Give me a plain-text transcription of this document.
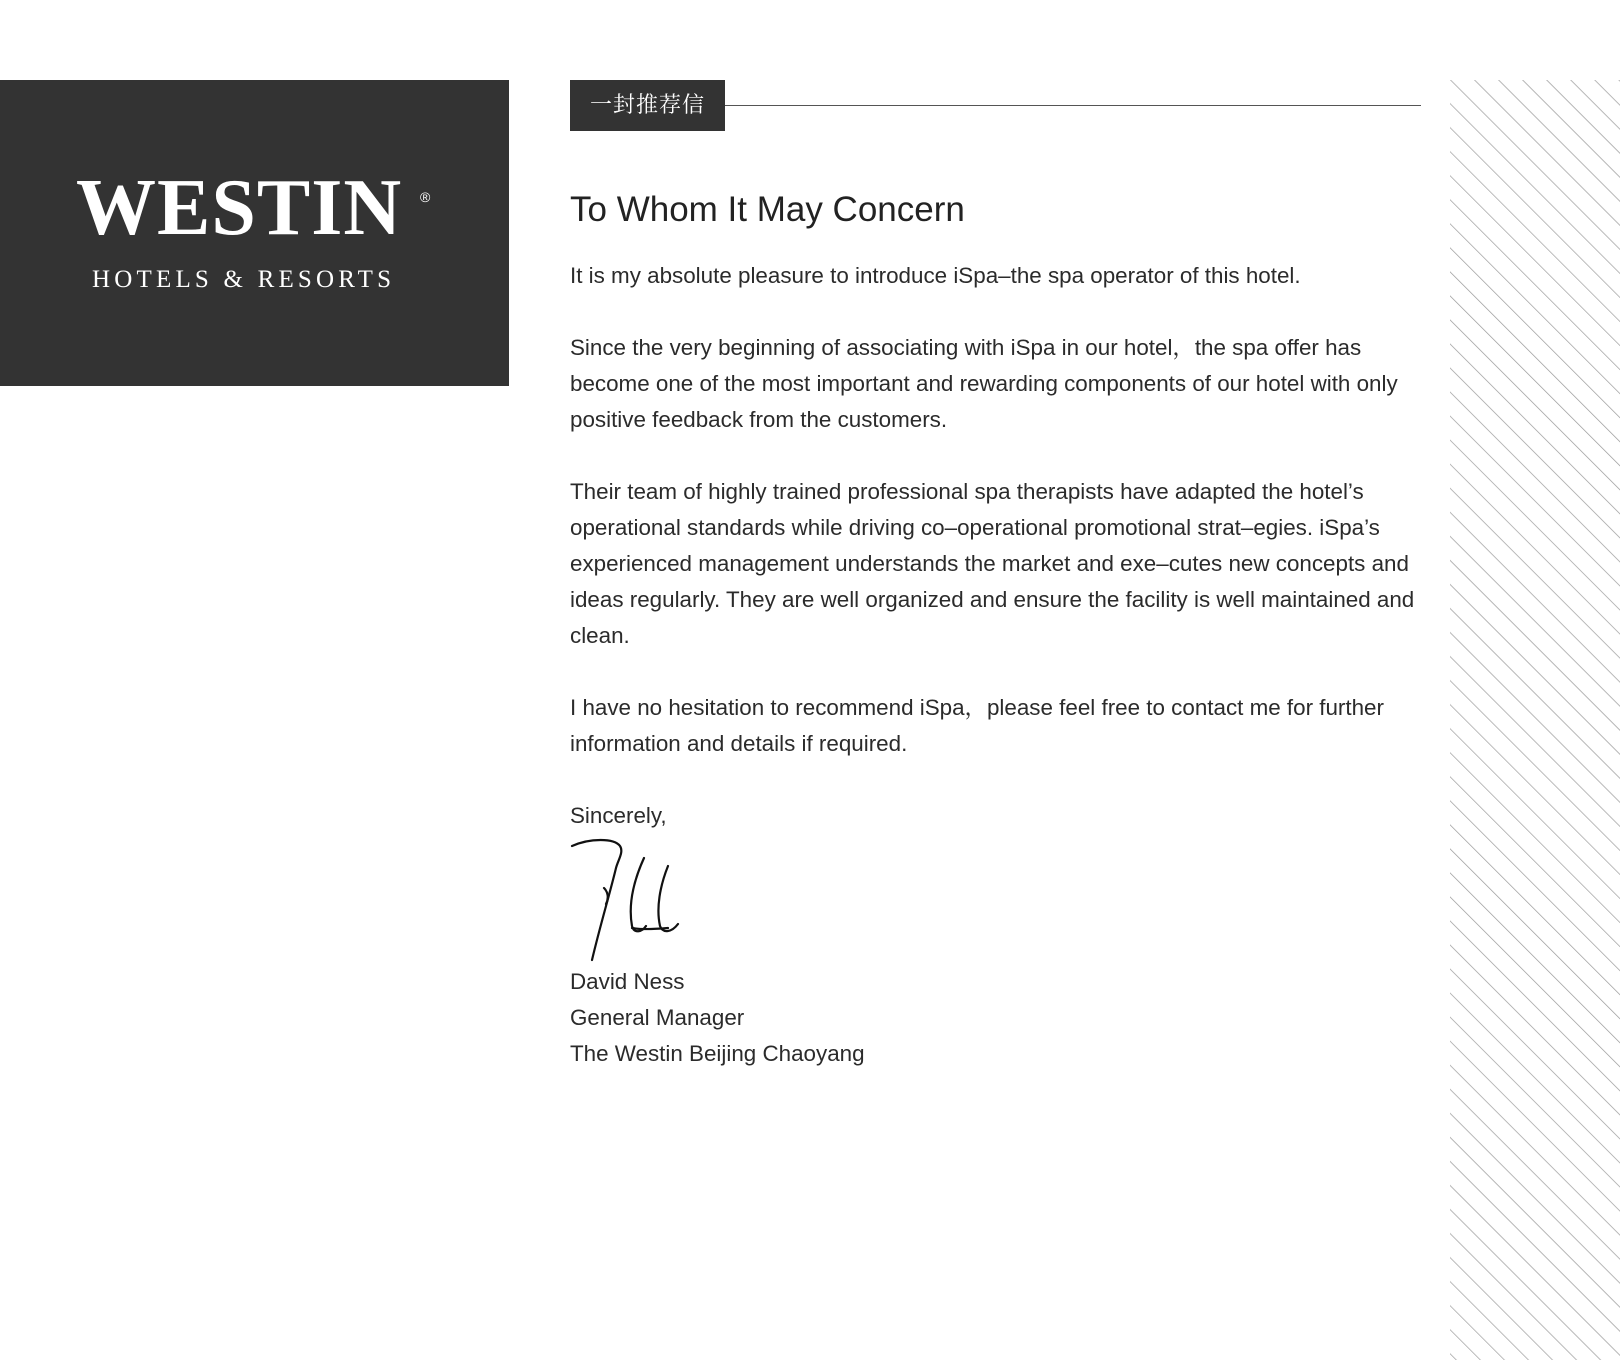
WESTIN	®
HOTELS & RESORTS
一封推荐信
To Whom It May Concern

It is my absolute pleasure to introduce iSpa–the spa operator of this hotel.

Since the very beginning of associating with iSpa in our hotel，the spa offer has become one of the most important and rewarding components of our hotel with only positive feedback from the customers.

Their team of highly trained professional spa therapists have adapted the hotel’s operational standards while driving co–operational promotional strat–egies. iSpa’s experienced management understands the market and exe–cutes new concepts and ideas regularly. They are well organized and ensure the facility is well maintained and clean.

I have no hesitation to recommend iSpa，please feel free to contact me for further information and details if required.

Sincerely,

David Ness

General Manager

The Westin Beijing Chaoyang
